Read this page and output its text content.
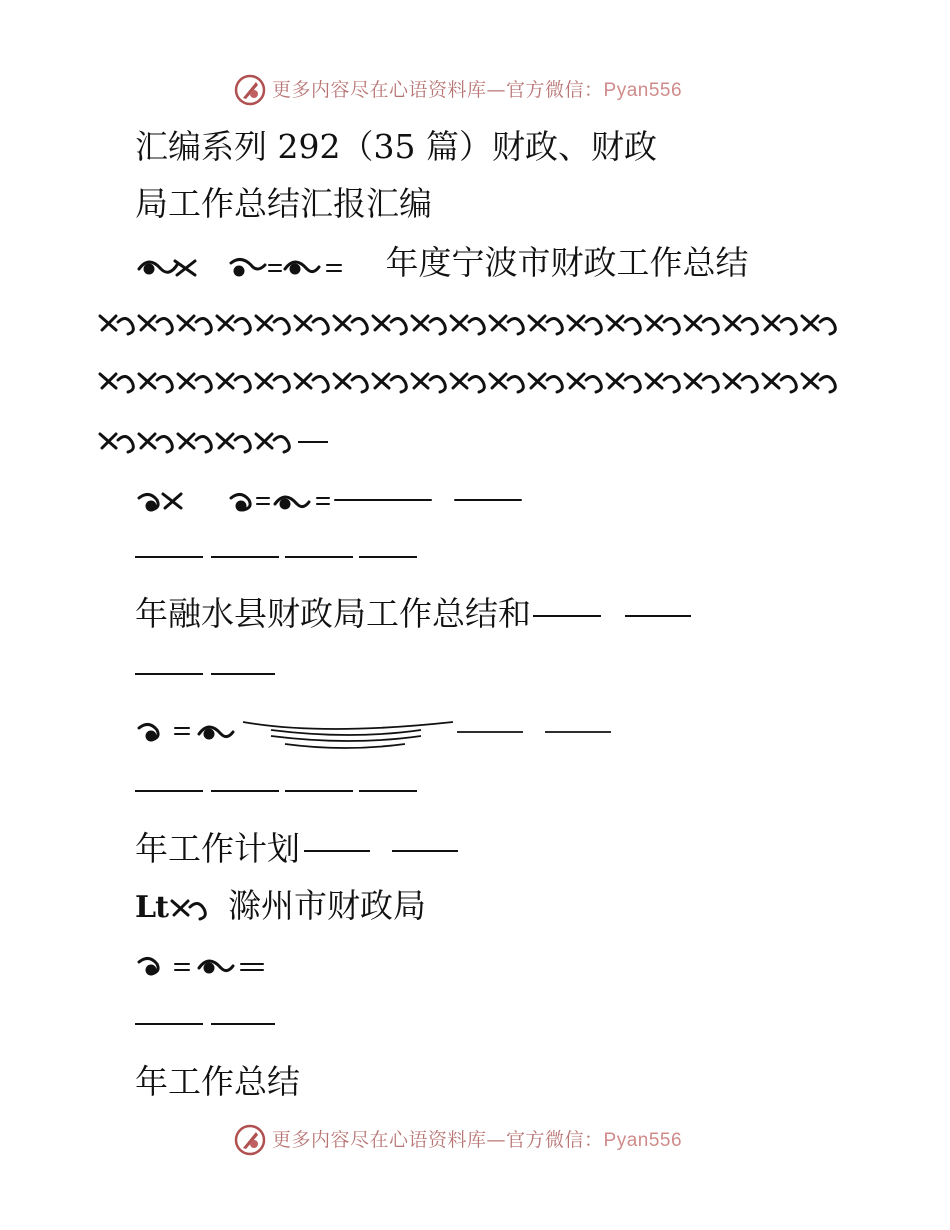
更多内容尽在心语资料库—官方微信：Pyan556
汇编系列 292（35 篇）财政、财政
局工作总结汇报汇编
年度宁波市财政工作总结
年融水县财政局工作总结和
年工作计划
Lt 滁州市财政局
年工作总结
更多内容尽在心语资料库—官方微信：Pyan556
